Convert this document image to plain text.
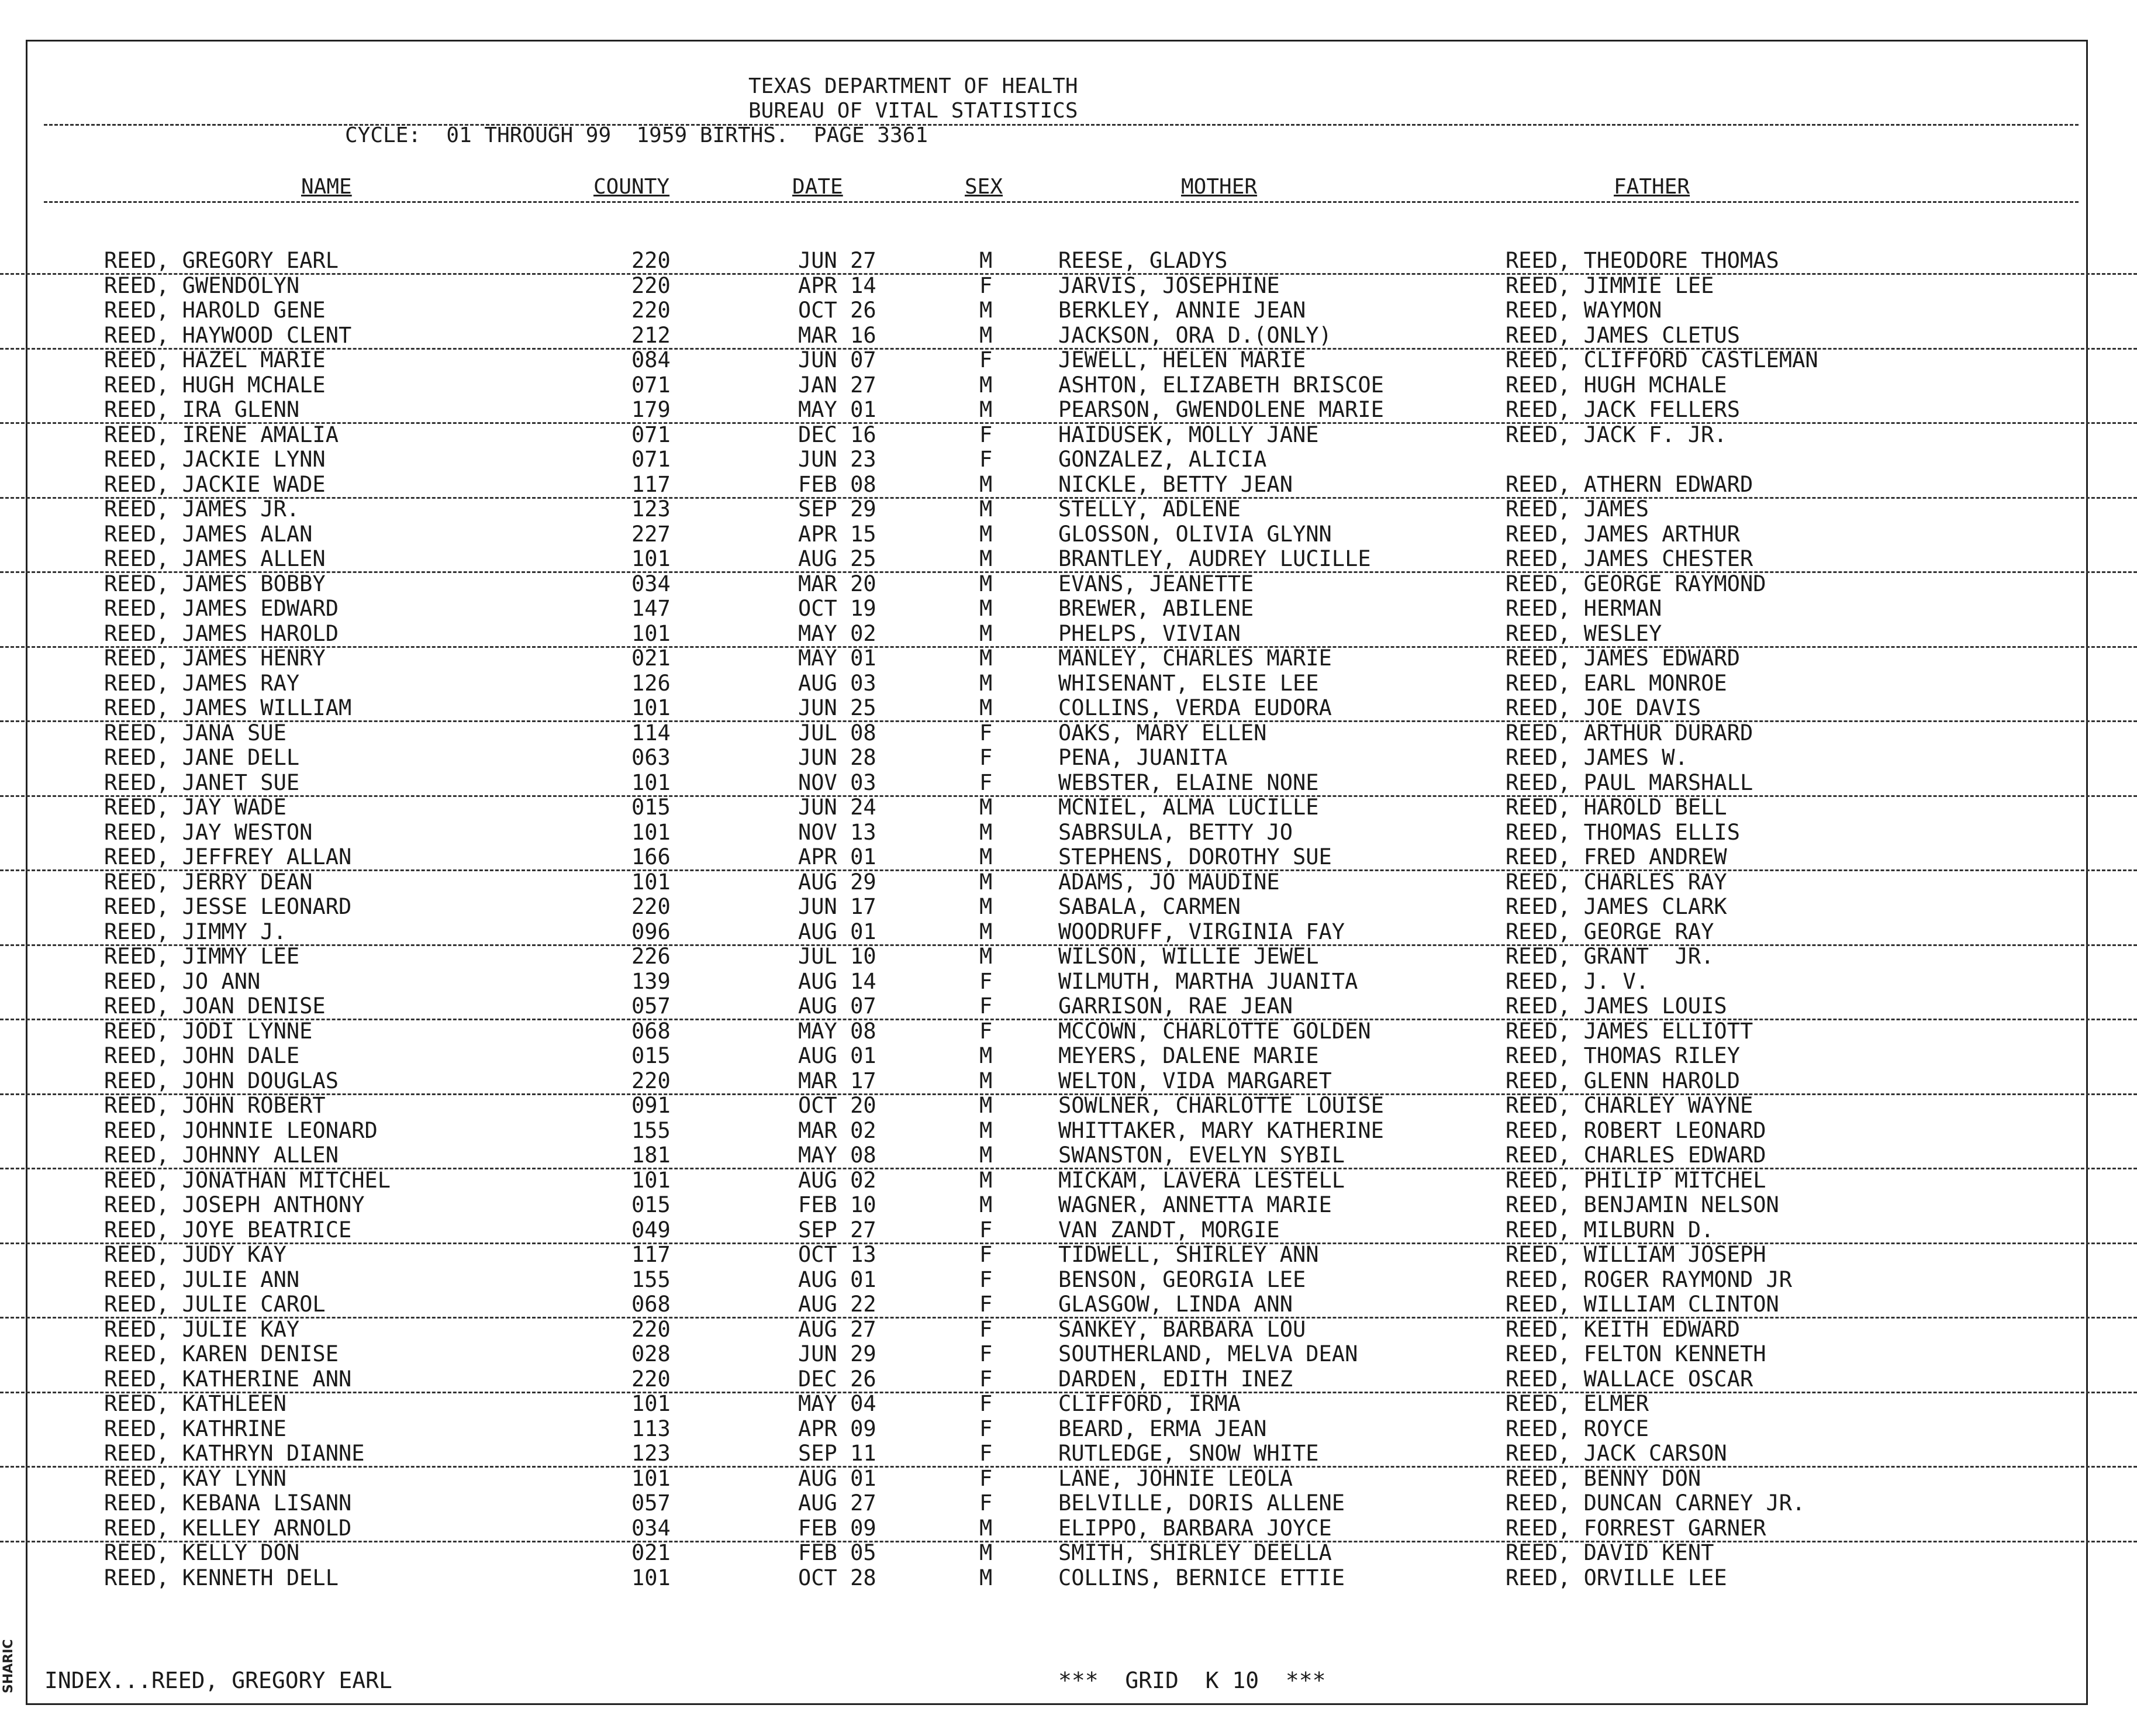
SHARIC
TEXAS DEPARTMENT OF HEALTH
BUREAU OF VITAL STATISTICS
CYCLE:  01 THROUGH 99  1959 BIRTHS.  PAGE 3361
NAME	COUNTY	DATE	SEX	MOTHER	FATHER
REED, GREGORY EARL	220	JUN 27	M	REESE, GLADYS	REED, THEODORE THOMAS
REED, GWENDOLYN	220	APR 14	F	JARVIS, JOSEPHINE	REED, JIMMIE LEE
REED, HAROLD GENE	220	OCT 26	M	BERKLEY, ANNIE JEAN	REED, WAYMON
REED, HAYWOOD CLENT	212	MAR 16	M	JACKSON, ORA D.(ONLY)	REED, JAMES CLETUS
REED, HAZEL MARIE	084	JUN 07	F	JEWELL, HELEN MARIE	REED, CLIFFORD CASTLEMAN
REED, HUGH MCHALE	071	JAN 27	M	ASHTON, ELIZABETH BRISCOE	REED, HUGH MCHALE
REED, IRA GLENN	179	MAY 01	M	PEARSON, GWENDOLENE MARIE	REED, JACK FELLERS
REED, IRENE AMALIA	071	DEC 16	F	HAIDUSEK, MOLLY JANE	REED, JACK F. JR.
REED, JACKIE LYNN	071	JUN 23	F	GONZALEZ, ALICIA
REED, JACKIE WADE	117	FEB 08	M	NICKLE, BETTY JEAN	REED, ATHERN EDWARD
REED, JAMES JR.	123	SEP 29	M	STELLY, ADLENE	REED, JAMES
REED, JAMES ALAN	227	APR 15	M	GLOSSON, OLIVIA GLYNN	REED, JAMES ARTHUR
REED, JAMES ALLEN	101	AUG 25	M	BRANTLEY, AUDREY LUCILLE	REED, JAMES CHESTER
REED, JAMES BOBBY	034	MAR 20	M	EVANS, JEANETTE	REED, GEORGE RAYMOND
REED, JAMES EDWARD	147	OCT 19	M	BREWER, ABILENE	REED, HERMAN
REED, JAMES HAROLD	101	MAY 02	M	PHELPS, VIVIAN	REED, WESLEY
REED, JAMES HENRY	021	MAY 01	M	MANLEY, CHARLES MARIE	REED, JAMES EDWARD
REED, JAMES RAY	126	AUG 03	M	WHISENANT, ELSIE LEE	REED, EARL MONROE
REED, JAMES WILLIAM	101	JUN 25	M	COLLINS, VERDA EUDORA	REED, JOE DAVIS
REED, JANA SUE	114	JUL 08	F	OAKS, MARY ELLEN	REED, ARTHUR DURARD
REED, JANE DELL	063	JUN 28	F	PENA, JUANITA	REED, JAMES W.
REED, JANET SUE	101	NOV 03	F	WEBSTER, ELAINE NONE	REED, PAUL MARSHALL
REED, JAY WADE	015	JUN 24	M	MCNIEL, ALMA LUCILLE	REED, HAROLD BELL
REED, JAY WESTON	101	NOV 13	M	SABRSULA, BETTY JO	REED, THOMAS ELLIS
REED, JEFFREY ALLAN	166	APR 01	M	STEPHENS, DOROTHY SUE	REED, FRED ANDREW
REED, JERRY DEAN	101	AUG 29	M	ADAMS, JO MAUDINE	REED, CHARLES RAY
REED, JESSE LEONARD	220	JUN 17	M	SABALA, CARMEN	REED, JAMES CLARK
REED, JIMMY J.	096	AUG 01	M	WOODRUFF, VIRGINIA FAY	REED, GEORGE RAY
REED, JIMMY LEE	226	JUL 10	M	WILSON, WILLIE JEWEL	REED, GRANT  JR.
REED, JO ANN	139	AUG 14	F	WILMUTH, MARTHA JUANITA	REED, J. V.
REED, JOAN DENISE	057	AUG 07	F	GARRISON, RAE JEAN	REED, JAMES LOUIS
REED, JODI LYNNE	068	MAY 08	F	MCCOWN, CHARLOTTE GOLDEN	REED, JAMES ELLIOTT
REED, JOHN DALE	015	AUG 01	M	MEYERS, DALENE MARIE	REED, THOMAS RILEY
REED, JOHN DOUGLAS	220	MAR 17	M	WELTON, VIDA MARGARET	REED, GLENN HAROLD
REED, JOHN ROBERT	091	OCT 20	M	SOWLNER, CHARLOTTE LOUISE	REED, CHARLEY WAYNE
REED, JOHNNIE LEONARD	155	MAR 02	M	WHITTAKER, MARY KATHERINE	REED, ROBERT LEONARD
REED, JOHNNY ALLEN	181	MAY 08	M	SWANSTON, EVELYN SYBIL	REED, CHARLES EDWARD
REED, JONATHAN MITCHEL	101	AUG 02	M	MICKAM, LAVERA LESTELL	REED, PHILIP MITCHEL
REED, JOSEPH ANTHONY	015	FEB 10	M	WAGNER, ANNETTA MARIE	REED, BENJAMIN NELSON
REED, JOYE BEATRICE	049	SEP 27	F	VAN ZANDT, MORGIE	REED, MILBURN D.
REED, JUDY KAY	117	OCT 13	F	TIDWELL, SHIRLEY ANN	REED, WILLIAM JOSEPH
REED, JULIE ANN	155	AUG 01	F	BENSON, GEORGIA LEE	REED, ROGER RAYMOND JR
REED, JULIE CAROL	068	AUG 22	F	GLASGOW, LINDA ANN	REED, WILLIAM CLINTON
REED, JULIE KAY	220	AUG 27	F	SANKEY, BARBARA LOU	REED, KEITH EDWARD
REED, KAREN DENISE	028	JUN 29	F	SOUTHERLAND, MELVA DEAN	REED, FELTON KENNETH
REED, KATHERINE ANN	220	DEC 26	F	DARDEN, EDITH INEZ	REED, WALLACE OSCAR
REED, KATHLEEN	101	MAY 04	F	CLIFFORD, IRMA	REED, ELMER
REED, KATHRINE	113	APR 09	F	BEARD, ERMA JEAN	REED, ROYCE
REED, KATHRYN DIANNE	123	SEP 11	F	RUTLEDGE, SNOW WHITE	REED, JACK CARSON
REED, KAY LYNN	101	AUG 01	F	LANE, JOHNIE LEOLA	REED, BENNY DON
REED, KEBANA LISANN	057	AUG 27	F	BELVILLE, DORIS ALLENE	REED, DUNCAN CARNEY JR.
REED, KELLEY ARNOLD	034	FEB 09	M	ELIPPO, BARBARA JOYCE	REED, FORREST GARNER
REED, KELLY DON	021	FEB 05	M	SMITH, SHIRLEY DEELLA	REED, DAVID KENT
REED, KENNETH DELL	101	OCT 28	M	COLLINS, BERNICE ETTIE	REED, ORVILLE LEE
INDEX...REED, GREGORY EARL	***  GRID  K 10  ***
